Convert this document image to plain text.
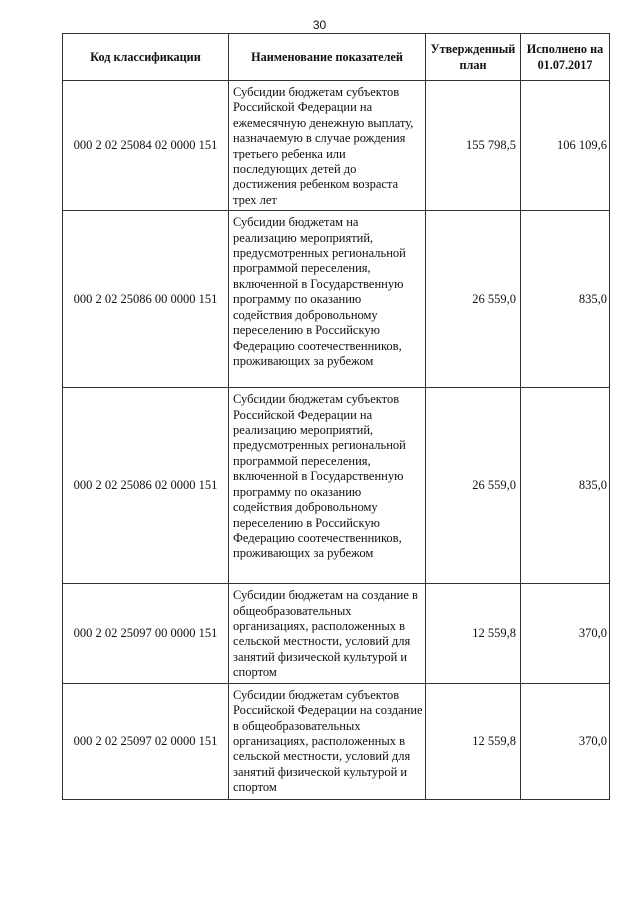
30
Код классификации	Наименование показателей	Утвержденный план	Исполнено на 01.07.2017
000 2 02 25084 02 0000 151	Субсидии бюджетам субъектов Российской Федерации на ежемесячную денежную выплату, назначаемую в случае рождения третьего ребенка или последующих детей до достижения ребенком возраста трех лет	155 798,5	106 109,6
000 2 02 25086 00 0000 151	Субсидии бюджетам на реализацию мероприятий, предусмотренных региональной программой переселения, включенной в Государственную программу по оказанию содействия добровольному переселению в Российскую Федерацию соотечественников, проживающих за рубежом	26 559,0	835,0
000 2 02 25086 02 0000 151	Субсидии бюджетам субъектов Российской Федерации на реализацию мероприятий, предусмотренных региональной программой переселения, включенной в Государственную программу по оказанию содействия добровольному переселению в Российскую Федерацию соотечественников, проживающих за рубежом	26 559,0	835,0
000 2 02 25097 00 0000 151	Субсидии бюджетам на создание в общеобразовательных организациях, расположенных в сельской местности, условий для занятий физической культурой и спортом	12 559,8	370,0
000 2 02 25097 02 0000 151	Субсидии бюджетам субъектов Российской Федерации на создание в общеобразовательных организациях, расположенных в сельской местности, условий для занятий физической культурой и спортом	12 559,8	370,0
